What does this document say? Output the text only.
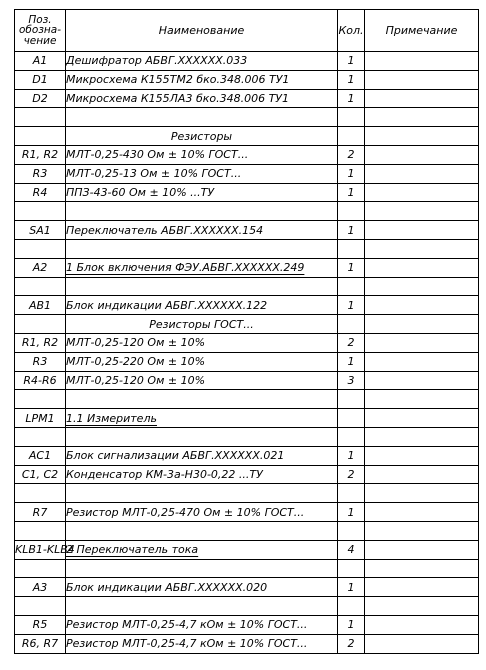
Поз. обозна-чение	Наименование	Кол.	Примечание
A1	Дешифратор АБВГ.XXXXXX.033	1	
D1	Микросхема К155ТМ2 бко.348.006 ТУ1	1	
D2	Микросхема К155ЛА3 бко.348.006 ТУ1	1	

	Резисторы		
R1, R2	МЛТ-0,25-430 Ом ± 10% ГОСТ...	2	
R3	МЛТ-0,25-13 Ом ± 10% ГОСТ...	1	
R4	ППЗ-43-60 Ом ± 10% ...ТУ	1	

SA1	Переключатель АБВГ.XXXXXX.154	1	

A2	1 Блок включения ФЭУ.АБВГ.XXXXXX.249	1	

AB1	Блок индикации АБВГ.XXXXXX.122	1	
	Резисторы ГОСТ...		
R1, R2	МЛТ-0,25-120 Ом ± 10%	2	
R3	МЛТ-0,25-220 Ом ± 10%	1	
R4-R6	МЛТ-0,25-120 Ом ± 10%	3	

LPM1	1.1 Измеритель		

AC1	Блок сигнализации АБВГ.XXXXXX.021	1	
C1, C2	Конденсатор КМ-3а-Н30-0,22 ...ТУ	2	

R7	Резистор МЛТ-0,25-470 Ом ± 10% ГОСТ...	1	

KLB1-KLB4	2 Переключатель тока	4	

A3	Блок индикации АБВГ.XXXXXX.020	1	

R5	Резистор МЛТ-0,25-4,7 кОм ± 10% ГОСТ...	1	
R6, R7	Резистор МЛТ-0,25-4,7 кОм ± 10% ГОСТ...	2	
